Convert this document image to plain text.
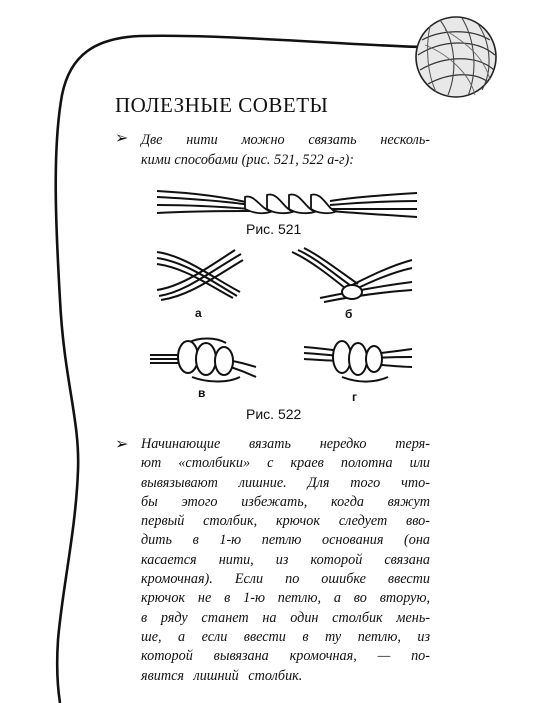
ПОЛЕЗНЫЕ СОВЕТЫ
➢ Две нити можно связать несколь-
кими способами (рис. 521, 522 а-г):
Рис. 521
а	б
в	г
Рис. 522
➢ Начинающие вязать нередко теря-
ют «столбики» с краев полотна или
вывязывают лишние. Для того что-
бы этого избежать, когда вяжут
первый столбик, крючок следует вво-
дить в 1-ю петлю основания (она
касается нити, из которой связана
кромочная). Если по ошибке ввести
крючок не в 1-ю петлю, а во вторую,
в ряду станет на один столбик мень-
ше, а если ввести в ту петлю, из
которой вывязана кромочная, — по-
явится лишний столбик.
